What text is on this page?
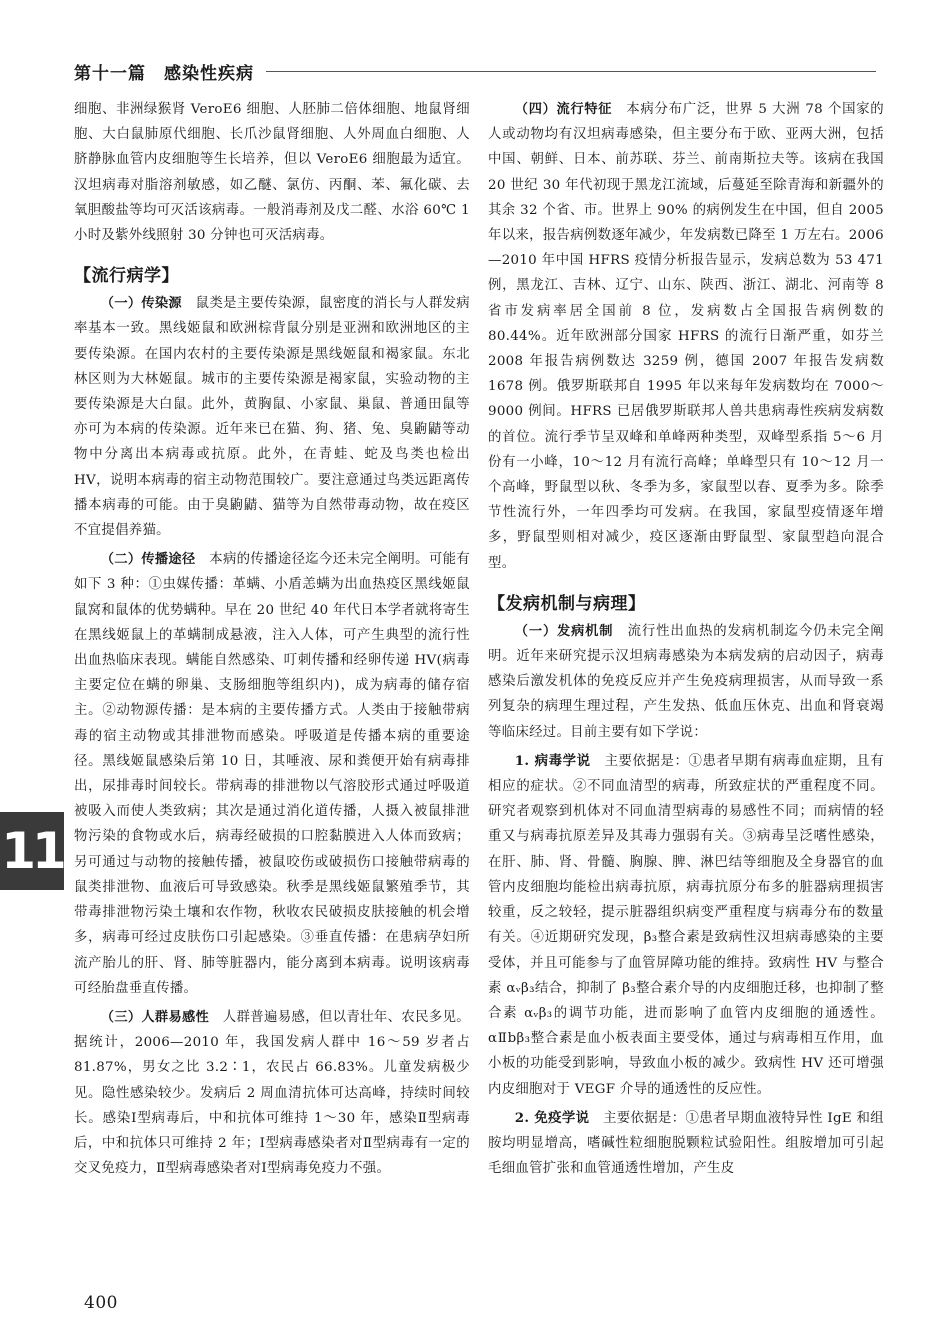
第十一篇　感染性疾病

细胞、非洲绿猴肾 VeroE6 细胞、人胚肺二倍体细胞、地鼠肾细胞、大白鼠肺原代细胞、长爪沙鼠肾细胞、人外周血白细胞、人脐静脉血管内皮细胞等生长培养，但以 VeroE6 细胞最为适宜。汉坦病毒对脂溶剂敏感，如乙醚、氯仿、丙酮、苯、氟化碳、去氧胆酸盐等均可灭活该病毒。一般消毒剂及戊二醛、水浴 60℃ 1 小时及紫外线照射 30 分钟也可灭活病毒。

【流行病学】

（一）传染源　鼠类是主要传染源，鼠密度的消长与人群发病率基本一致。黑线姬鼠和欧洲棕背鼠分别是亚洲和欧洲地区的主要传染源。在国内农村的主要传染源是黑线姬鼠和褐家鼠。东北林区则为大林姬鼠。城市的主要传染源是褐家鼠，实验动物的主要传染源是大白鼠。此外，黄胸鼠、小家鼠、巢鼠、普通田鼠等亦可为本病的传染源。近年来已在猫、狗、猪、兔、臭鼩鼱等动物中分离出本病毒或抗原。此外，在青蛙、蛇及鸟类也检出 HV，说明本病毒的宿主动物范围较广。要注意通过鸟类远距离传播本病毒的可能。由于臭鼩鼱、猫等为自然带毒动物，故在疫区不宜提倡养猫。

（二）传播途径　本病的传播途径迄今还未完全阐明。可能有如下 3 种：①虫媒传播：革螨、小盾恙螨为出血热疫区黑线姬鼠鼠窝和鼠体的优势螨种。早在 20 世纪 40 年代日本学者就将寄生在黑线姬鼠上的革螨制成悬液，注入人体，可产生典型的流行性出血热临床表现。螨能自然感染、叮刺传播和经卵传递 HV(病毒主要定位在螨的卵巢、支肠细胞等组织内)，成为病毒的储存宿主。②动物源传播：是本病的主要传播方式。人类由于接触带病毒的宿主动物或其排泄物而感染。呼吸道是传播本病的重要途径。黑线姬鼠感染后第 10 日，其唾液、尿和粪便开始有病毒排出，尿排毒时间较长。带病毒的排泄物以气溶胶形式通过呼吸道被吸入而使人类致病；其次是通过消化道传播，人摄入被鼠排泄物污染的食物或水后，病毒经破损的口腔黏膜进入人体而致病；另可通过与动物的接触传播，被鼠咬伤或破损伤口接触带病毒的鼠类排泄物、血液后可导致感染。秋季是黑线姬鼠繁殖季节，其带毒排泄物污染土壤和农作物，秋收农民破损皮肤接触的机会增多，病毒可经过皮肤伤口引起感染。③垂直传播：在患病孕妇所流产胎儿的肝、肾、肺等脏器内，能分离到本病毒。说明该病毒可经胎盘垂直传播。

（三）人群易感性　人群普遍易感，但以青壮年、农民多见。据统计，2006—2010 年，我国发病人群中 16～59 岁者占 81.87%，男女之比 3.2∶1，农民占 66.83%。儿童发病极少见。隐性感染较少。发病后 2 周血清抗体可达高峰，持续时间较长。感染Ⅰ型病毒后，中和抗体可维持 1～30 年，感染Ⅱ型病毒后，中和抗体只可维持 2 年；Ⅰ型病毒感染者对Ⅱ型病毒有一定的交叉免疫力，Ⅱ型病毒感染者对Ⅰ型病毒免疫力不强。

（四）流行特征　本病分布广泛，世界 5 大洲 78 个国家的人或动物均有汉坦病毒感染，但主要分布于欧、亚两大洲，包括中国、朝鲜、日本、前苏联、芬兰、前南斯拉夫等。该病在我国 20 世纪 30 年代初现于黑龙江流域，后蔓延至除青海和新疆外的其余 32 个省、市。世界上 90% 的病例发生在中国，但自 2005 年以来，报告病例数逐年减少，年发病数已降至 1 万左右。2006—2010 年中国 HFRS 疫情分析报告显示，发病总数为 53 471 例，黑龙江、吉林、辽宁、山东、陕西、浙江、湖北、河南等 8 省市发病率居全国前 8 位，发病数占全国报告病例数的 80.44%。近年欧洲部分国家 HFRS 的流行日渐严重，如芬兰 2008 年报告病例数达 3259 例，德国 2007 年报告发病数 1678 例。俄罗斯联邦自 1995 年以来每年发病数均在 7000～9000 例间。HFRS 已居俄罗斯联邦人兽共患病毒性疾病发病数的首位。流行季节呈双峰和单峰两种类型，双峰型系指 5～6 月份有一小峰，10～12 月有流行高峰；单峰型只有 10～12 月一个高峰，野鼠型以秋、冬季为多，家鼠型以春、夏季为多。除季节性流行外，一年四季均可发病。在我国，家鼠型疫情逐年增多，野鼠型则相对减少，疫区逐渐由野鼠型、家鼠型趋向混合型。

【发病机制与病理】

（一）发病机制　流行性出血热的发病机制迄今仍未完全阐明。近年来研究提示汉坦病毒感染为本病发病的启动因子，病毒感染后激发机体的免疫反应并产生免疫病理损害，从而导致一系列复杂的病理生理过程，产生发热、低血压休克、出血和肾衰竭等临床经过。目前主要有如下学说：

1. 病毒学说　主要依据是：①患者早期有病毒血症期，且有相应的症状。②不同血清型的病毒，所致症状的严重程度不同。研究者观察到机体对不同血清型病毒的易感性不同；而病情的轻重又与病毒抗原差异及其毒力强弱有关。③病毒呈泛嗜性感染，在肝、肺、肾、骨髓、胸腺、脾、淋巴结等细胞及全身器官的血管内皮细胞均能检出病毒抗原，病毒抗原分布多的脏器病理损害较重，反之较轻，提示脏器组织病变严重程度与病毒分布的数量有关。④近期研究发现，β₃整合素是致病性汉坦病毒感染的主要受体，并且可能参与了血管屏障功能的维持。致病性 HV 与整合素 αᵥβ₃结合，抑制了 β₃整合素介导的内皮细胞迁移，也抑制了整合素 αᵥβ₃的调节功能，进而影响了血管内皮细胞的通透性。αⅡbβ₃整合素是血小板表面主要受体，通过与病毒相互作用，血小板的功能受到影响，导致血小板的减少。致病性 HV 还可增强内皮细胞对于 VEGF 介导的通透性的反应性。

2. 免疫学说　主要依据是：①患者早期血液特异性 IgE 和组胺均明显增高，嗜碱性粒细胞脱颗粒试验阳性。组胺增加可引起毛细血管扩张和血管通透性增加，产生皮

11
400
